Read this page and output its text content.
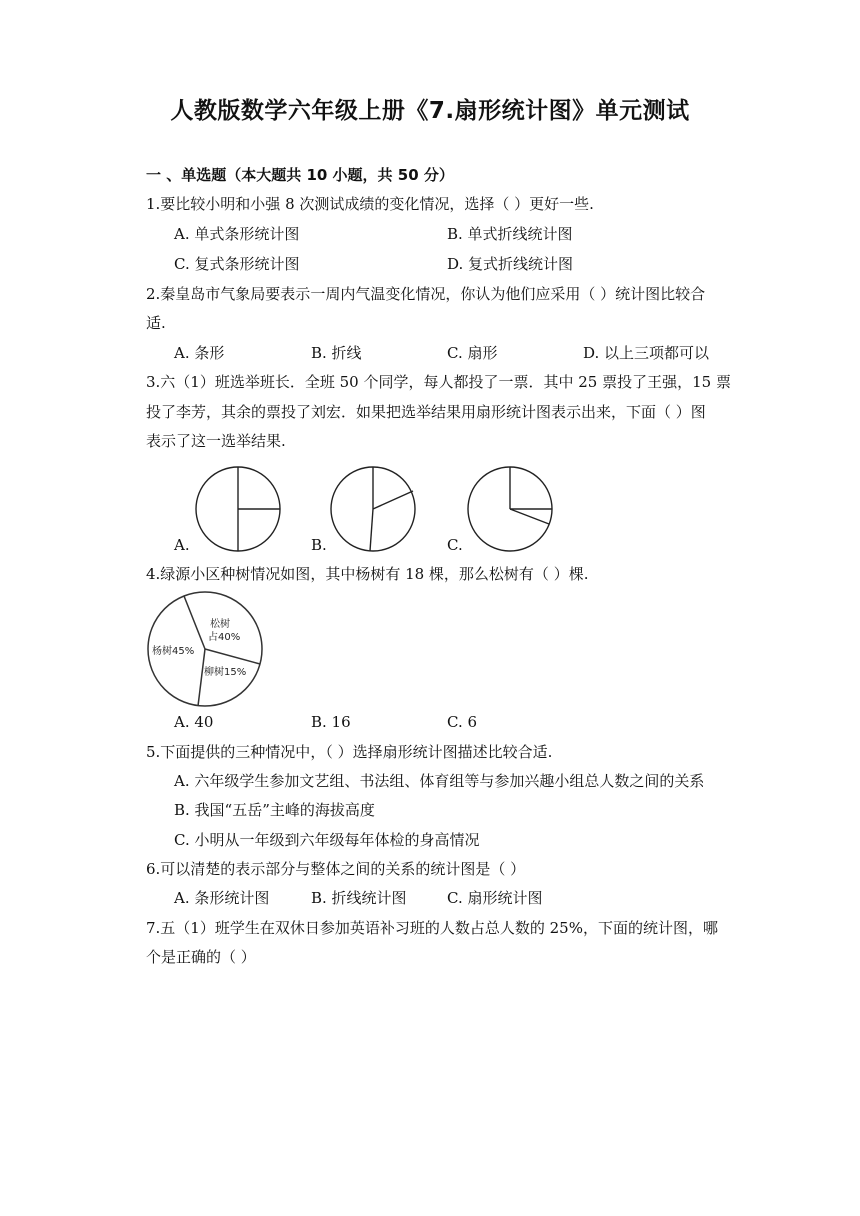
人教版数学六年级上册《7.扇形统计图》单元测试
一 、单选题（本大题共 10 小题，共 50 分）
1.要比较小明和小强 8 次测试成绩的变化情况，选择（ ）更好一些.
A. 单式条形统计图	B. 单式折线统计图
C. 复式条形统计图	D. 复式折线统计图
2.秦皇岛市气象局要表示一周内气温变化情况，你认为他们应采用（ ）统计图比较合
适.
A. 条形	B. 折线	C. 扇形	D. 以上三项都可以
3.六（1）班选举班长．全班 50 个同学，每人都投了一票．其中 25 票投了王强，15 票
投了李芳，其余的票投了刘宏．如果把选举结果用扇形统计图表示出来，下面（ ）图
表示了这一选举结果.
A.	B.	C.
4.绿源小区种树情况如图，其中杨树有 18 棵，那么松树有（ ）棵.
松树
占40%
柳树15%
杨树45%
A. 40	B. 16	C. 6
5.下面提供的三种情况中，（ ）选择扇形统计图描述比较合适.
A. 六年级学生参加文艺组、书法组、体育组等与参加兴趣小组总人数之间的关系
B. 我国“五岳”主峰的海拔高度
C. 小明从一年级到六年级每年体检的身高情况
6.可以清楚的表示部分与整体之间的关系的统计图是（ ）
A. 条形统计图	B. 折线统计图	C. 扇形统计图
7.五（1）班学生在双休日参加英语补习班的人数占总人数的 25%，下面的统计图，哪
个是正确的（ ）
